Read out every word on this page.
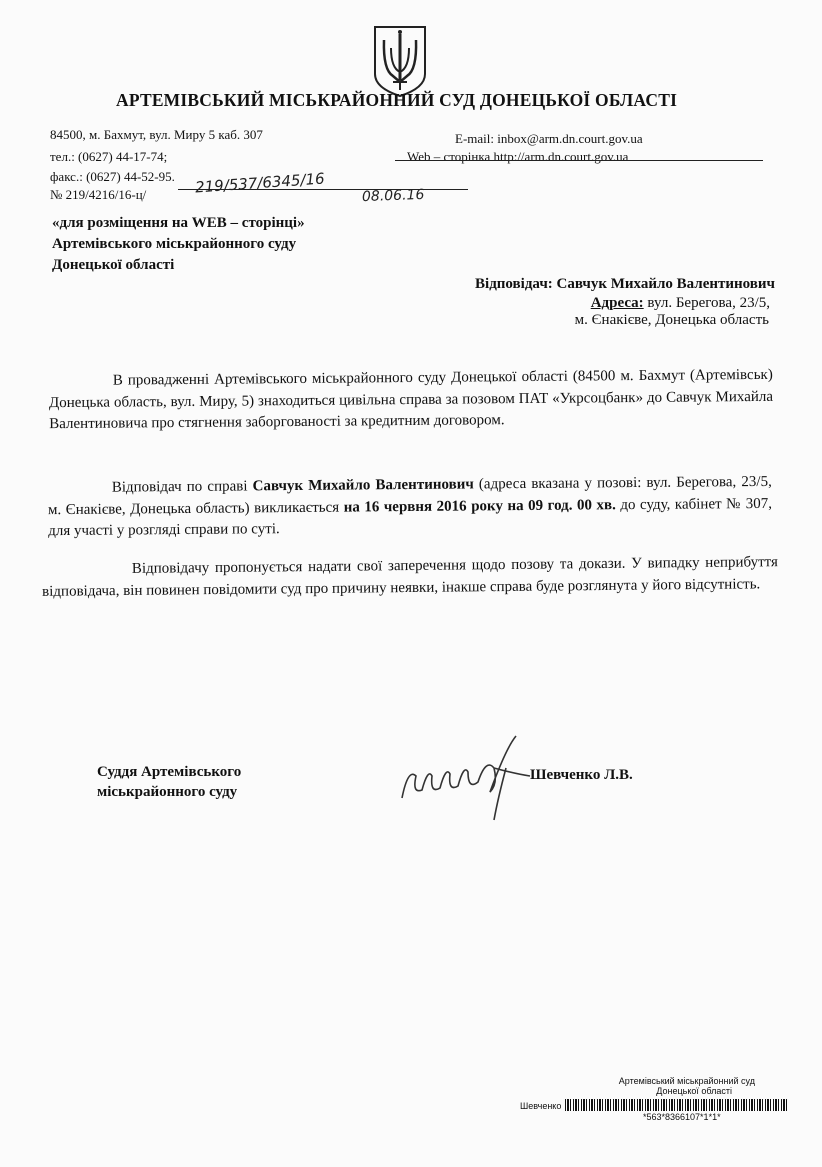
АРТЕМІВСЬКИЙ МІСЬКРАЙОННИЙ СУД ДОНЕЦЬКОЇ ОБЛАСТІ
84500, м. Бахмут, вул. Миру 5 каб. 307
тел.: (0627) 44-17-74;
факс.: (0627) 44-52-95.
E-mail: inbox@arm.dn.court.gov.ua
Web – сторінка http://arm.dn.court.gov.ua
№ 219/4216/16-ц/	219/537/6345/16	08.06.16
«для розміщення на WEB – сторінці»
Артемівського міськрайонного суду
Донецької області
Відповідач: Савчук Михайло Валентинович
Адреса: вул. Берегова, 23/5,
м. Єнакієве, Донецька область
В провадженні Артемівського міськрайонного суду Донецької області (84500 м. Бахмут (Артемівськ) Донецька область, вул. Миру, 5) знаходиться цивільна справа за позовом ПАТ «Укрсоцбанк» до Савчук Михайла Валентиновича про стягнення заборгованості за кредитним договором.
Відповідач по справі Савчук Михайло Валентинович (адреса вказана у позові: вул. Берегова, 23/5, м. Єнакієве, Донецька область) викликається на 16 червня 2016 року на 09 год. 00 хв. до суду, кабінет № 307, для участі у розгляді справи по суті.
Відповідачу пропонується надати свої заперечення щодо позову та докази. У випадку неприбуття відповідача, він повинен повідомити суд про причину неявки, інакше справа буде розглянута у його відсутність.
Суддя Артемівського
міськрайонного суду
Шевченко Л.В.
Артемівський міськрайонний суд
Донецької області
Шевченко
*563*8366107*1*1*
